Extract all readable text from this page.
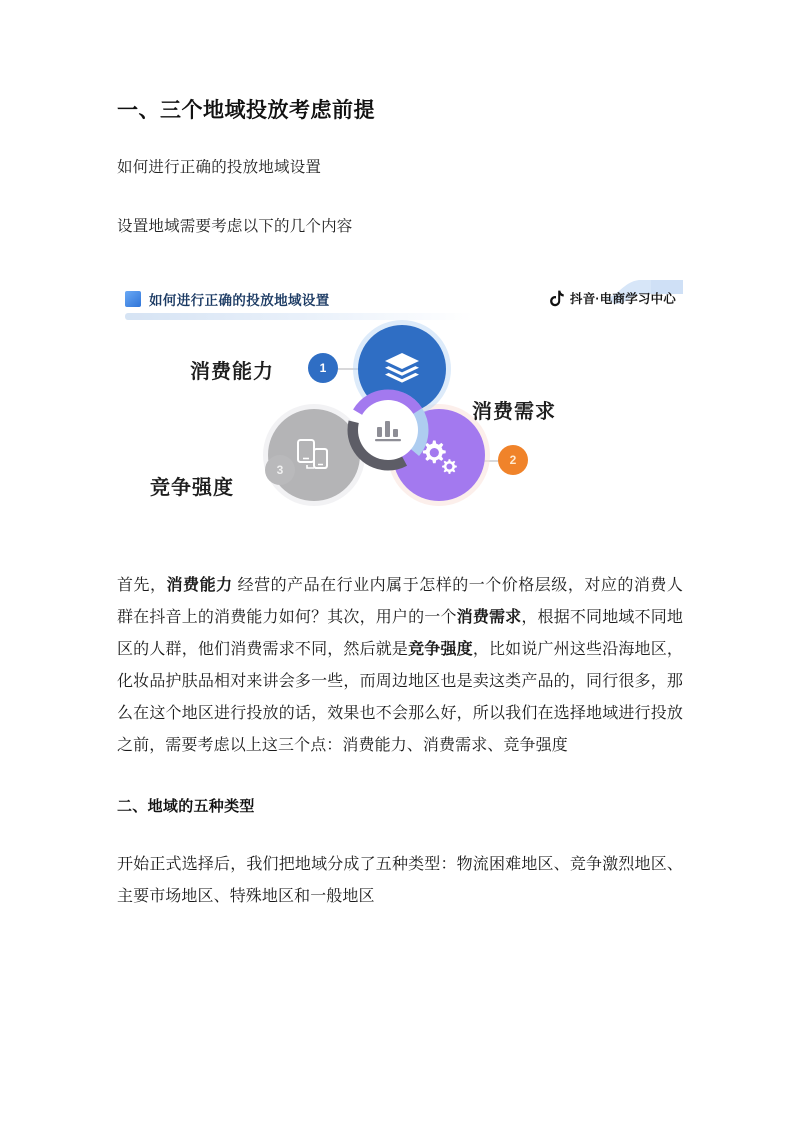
一、三个地域投放考虑前提

如何进行正确的投放地域设置

设置地域需要考虑以下的几个内容

如何进行正确的投放地域设置	抖音·电商学习中心
1
2
3
消费能力
消费需求
竞争强度

首先，消费能力 经营的产品在行业内属于怎样的一个价格层级，对应的消费人群在抖音上的消费能力如何？其次，用户的一个消费需求，根据不同地域不同地区的人群，他们消费需求不同，然后就是竞争强度，比如说广州这些沿海地区，化妆品护肤品相对来讲会多一些，而周边地区也是卖这类产品的，同行很多，那么在这个地区进行投放的话，效果也不会那么好，所以我们在选择地域进行投放之前，需要考虑以上这三个点：消费能力、消费需求、竞争强度

二、地域的五种类型

开始正式选择后，我们把地域分成了五种类型：物流困难地区、竞争激烈地区、主要市场地区、特殊地区和一般地区
